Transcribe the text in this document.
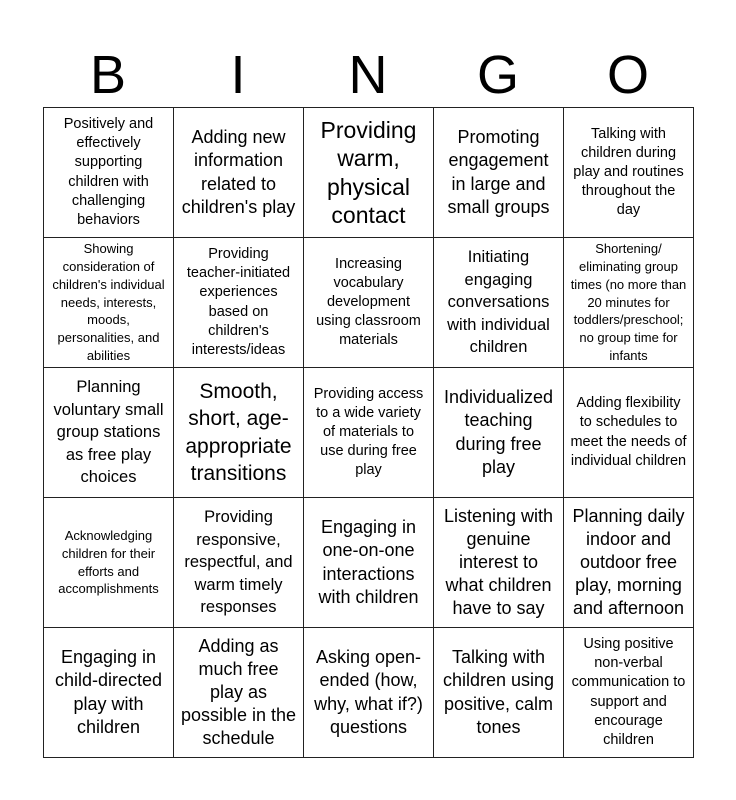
B	I	N	G	O
Positively and effectively supporting children with challenging behaviors	Adding new information related to children's play	Providing warm, physical contact	Promoting engagement in large and small groups	Talking with children during play and routines throughout the day

Showing consideration of children's individual needs, interests, moods, personalities, and abilities	Providing teacher-initiated experiences based on children's interests/ideas	Increasing vocabulary development using classroom materials	Initiating engaging conversations with individual children	Shortening/ eliminating group times (no more than 20 minutes for toddlers/preschool; no group time for infants

Planning voluntary small group stations as free play choices	Smooth, short, age-appropriate transitions	Providing access to a wide variety of materials to use during free play	Individualized teaching during free play	Adding flexibility to schedules to meet the needs of individual children

Acknowledging children for their efforts and accomplishments	Providing responsive, respectful, and warm timely responses	Engaging in one-on-one interactions with children	Listening with genuine interest to what children have to say	Planning daily indoor and outdoor free play, morning and afternoon

Engaging in child-directed play with children	Adding as much free play as possible in the schedule	Asking open-ended (how, why, what if?) questions	Talking with children using positive, calm tones	Using positive non-verbal communication to support and encourage children
